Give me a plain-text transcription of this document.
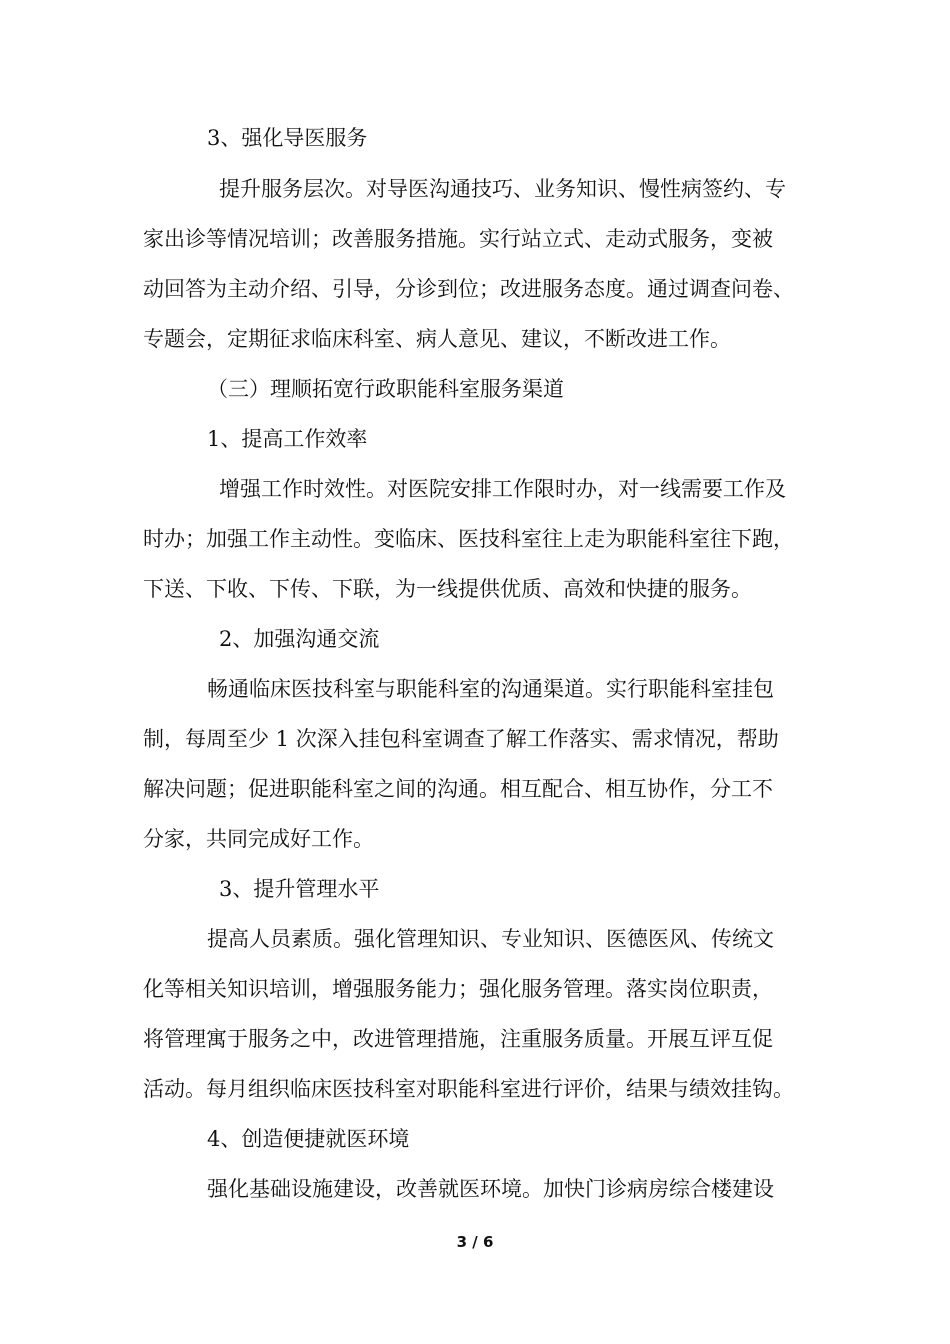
3、强化导医服务

提升服务层次。对导医沟通技巧、业务知识、慢性病签约、专

家出诊等情况培训；改善服务措施。实行站立式、走动式服务，变被

动回答为主动介绍、引导，分诊到位；改进服务态度。通过调查问卷、

专题会，定期征求临床科室、病人意见、建议，不断改进工作。

（三）理顺拓宽行政职能科室服务渠道

1、提高工作效率

增强工作时效性。对医院安排工作限时办，对一线需要工作及

时办；加强工作主动性。变临床、医技科室往上走为职能科室往下跑，

下送、下收、下传、下联，为一线提供优质、高效和快捷的服务。

2、加强沟通交流

畅通临床医技科室与职能科室的沟通渠道。实行职能科室挂包

制，每周至少 1 次深入挂包科室调查了解工作落实、需求情况，帮助

解决问题；促进职能科室之间的沟通。相互配合、相互协作，分工不

分家，共同完成好工作。

3、提升管理水平

提高人员素质。强化管理知识、专业知识、医德医风、传统文

化等相关知识培训，增强服务能力；强化服务管理。落实岗位职责，

将管理寓于服务之中，改进管理措施，注重服务质量。开展互评互促

活动。每月组织临床医技科室对职能科室进行评价，结果与绩效挂钩。

4、创造便捷就医环境

强化基础设施建设，改善就医环境。加快门诊病房综合楼建设

3 / 6
